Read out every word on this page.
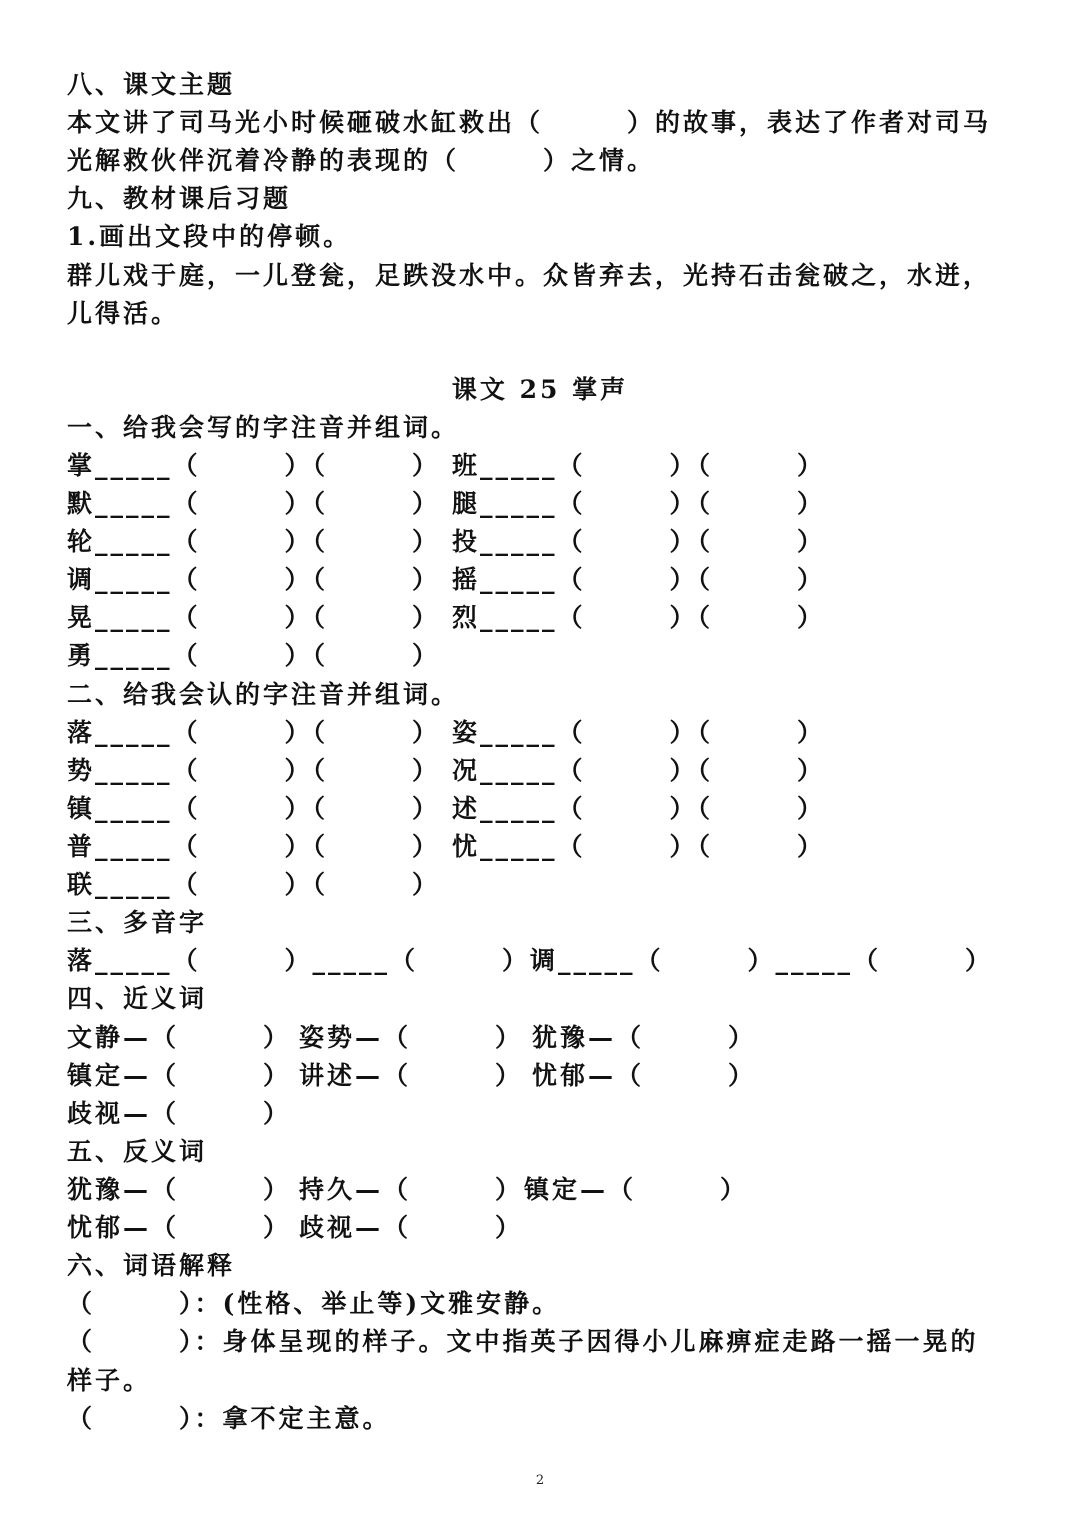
八、课文主题
本文讲了司马光小时候砸破水缸救出（　　　）的故事，表达了作者对司马
光解救伙伴沉着冷静的表现的（　　　）之情。
九、教材课后习题
1.画出文段中的停顿。
群儿戏于庭，一儿登瓮，足跌没水中。众皆弃去，光持石击瓮破之，水迸，
儿得活。
课文 25 掌声
一、给我会写的字注音并组词。
掌_____（　　　）（　　　） 班_____（　　　）（　　　）
默_____（　　　）（　　　） 腿_____（　　　）（　　　）
轮_____（　　　）（　　　） 投_____（　　　）（　　　）
调_____（　　　）（　　　） 摇_____（　　　）（　　　）
晃_____（　　　）（　　　） 烈_____（　　　）（　　　）
勇_____（　　　）（　　　）
二、给我会认的字注音并组词。
落_____（　　　）（　　　） 姿_____（　　　）（　　　）
势_____（　　　）（　　　） 况_____（　　　）（　　　）
镇_____（　　　）（　　　） 述_____（　　　）（　　　）
普_____（　　　）（　　　） 忧_____（　　　）（　　　）
联_____（　　　）（　　　）
三、多音字
落_____（　　　）_____（　　　）调_____（　　　）_____（　　　）
四、近义词
文静—（　　　） 姿势—（　　　） 犹豫—（　　　）
镇定—（　　　） 讲述—（　　　） 忧郁—（　　　）
歧视—（　　　）
五、反义词
犹豫—（　　　） 持久—（　　　） 镇定—（　　　）
忧郁—（　　　） 歧视—（　　　）
六、词语解释
（　　　）：(性格、举止等)文雅安静。
（　　　）：身体呈现的样子。文中指英子因得小儿麻痹症走路一摇一晃的
样子。
（　　　）：拿不定主意。
2
